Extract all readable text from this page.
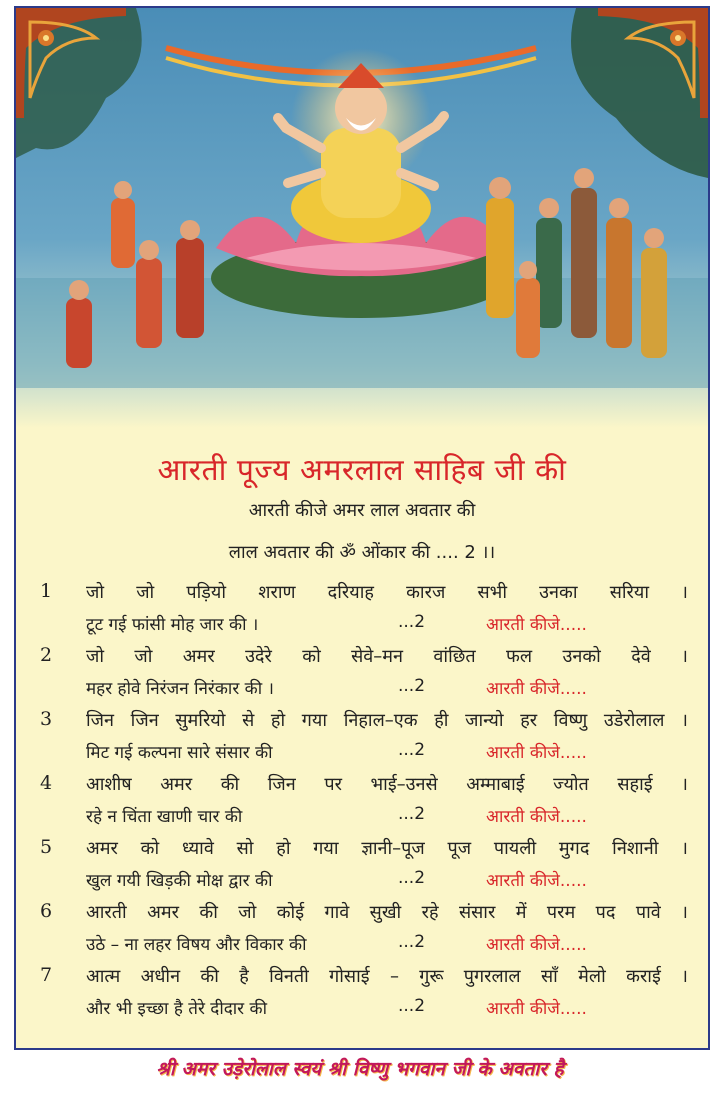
आरती पूज्य अमरलाल साहिब जी की
आरती कीजे अमर लाल अवतार की
लाल अवतार की ॐ ओंकार की .... 2 ।।
1	जो जो पड़ियो शराण दरियाह कारज सभी उनका सरिया ।
टूट गई फांसी मोह जार की ।	...2	आरती कीजे.....
2	जो जो अमर उदेरे को सेवे–मन वांछित फल उनको देवे ।
महर होवे निरंजन निरंकार की ।	...2	आरती कीजे.....
3	जिन जिन सुमरियो से हो गया निहाल–एक ही जान्यो हर विष्णु उडेरोलाल ।
मिट गई कल्पना सारे संसार की	...2	आरती कीजे.....
4	आशीष अमर की जिन पर भाई–उनसे अम्माबाई ज्योत सहाई ।
रहे न चिंता खाणी चार की	...2	आरती कीजे.....
5	अमर को ध्यावे सो हो गया ज्ञानी–पूज पूज पायली मुगद निशानी ।
खुल गयी खिड़की मोक्ष द्वार की	...2	आरती कीजे.....
6	आरती अमर की जो कोई गावे सुखी रहे संसार में परम पद पावे ।
उठे – ना लहर विषय और विकार की	...2	आरती कीजे.....
7	आत्म अधीन की है विनती गोसाई – गुरू पुगरलाल साँ मेलो कराई ।
और भी इच्छा है तेरे दीदार की	...2	आरती कीजे.....
श्री अमर उड़ेरोलाल स्वयं श्री विष्णु भगवान जी के अवतार है
